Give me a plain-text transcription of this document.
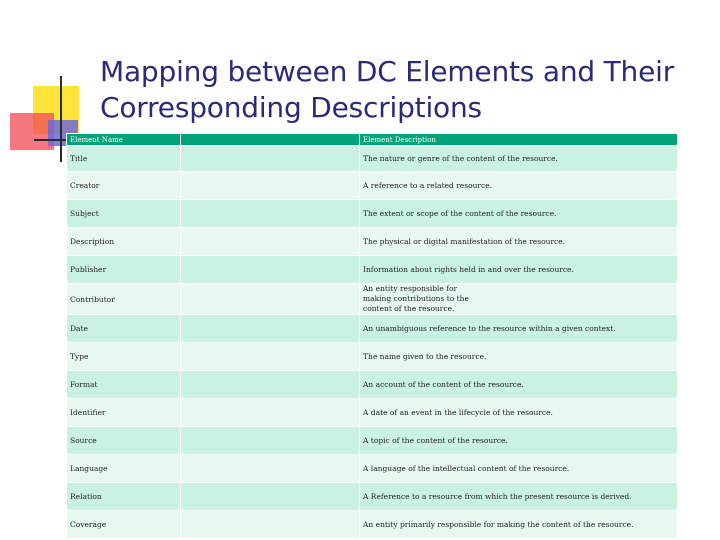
Mapping between DC Elements and Their Corresponding Descriptions
Element Name		Element Description
Title		The nature or genre of the content of the resource.
Creator		A reference to a related resource.
Subject		The extent or scope of the content of the resource.
Description		The physical or digital manifestation of the resource.
Publisher		Information about rights held in and over the resource.
Contributor		An entity responsible for making contributions to the content of the resource.
Date		An unambiguous reference to the resource within a given context.
Type		The name given to the resource.
Format		An account of the content of the resource.
Identifier		A date of an event in the lifecycle of the resource.
Source		A topic of the content of the resource.
Language		A language of the intellectual content of the resource.
Relation		A Reference to a resource from which the present resource is derived.
Coverage		An entity primarily responsible for making the content of the resource.
